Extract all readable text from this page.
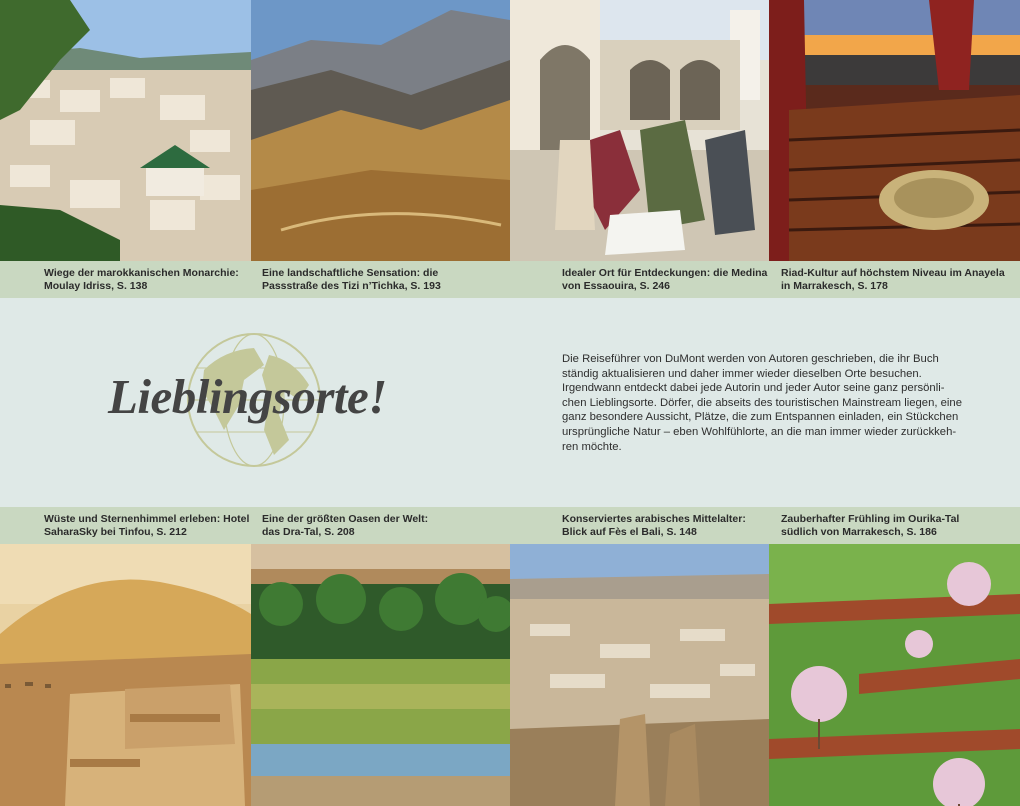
Wiege der marokkanischen Monarchie:
Moulay Idriss, S. 138
Eine landschaftliche Sensation: die
Passstraße des Tizi n’Tichka, S. 193
Idealer Ort für Entdeckungen: die Medina
von Essaouira, S. 246
Riad-Kultur auf höchstem Niveau im Anayela
in Marrakesch, S. 178
Lieblingsorte!
Die Reiseführer von DuMont werden von Autoren geschrieben, die ihr Buch
ständig aktualisieren und daher immer wieder dieselben Orte besuchen.
Irgendwann entdeckt dabei jede Autorin und jeder Autor seine ganz persönli-
chen Lieblingsorte. Dörfer, die abseits des touristischen Mainstream liegen, eine
ganz besondere Aussicht, Plätze, die zum Entspannen einladen, ein Stückchen
ursprüngliche Natur – eben Wohlfühlorte, an die man immer wieder zurückkeh-
ren möchte.
Wüste und Sternenhimmel erleben: Hotel
SaharaSky bei Tinfou, S. 212
Eine der größten Oasen der Welt:
das Dra-Tal, S. 208
Konserviertes arabisches Mittelalter:
Blick auf Fès el Bali, S. 148
Zauberhafter Frühling im Ourika-Tal
südlich von Marrakesch, S. 186
